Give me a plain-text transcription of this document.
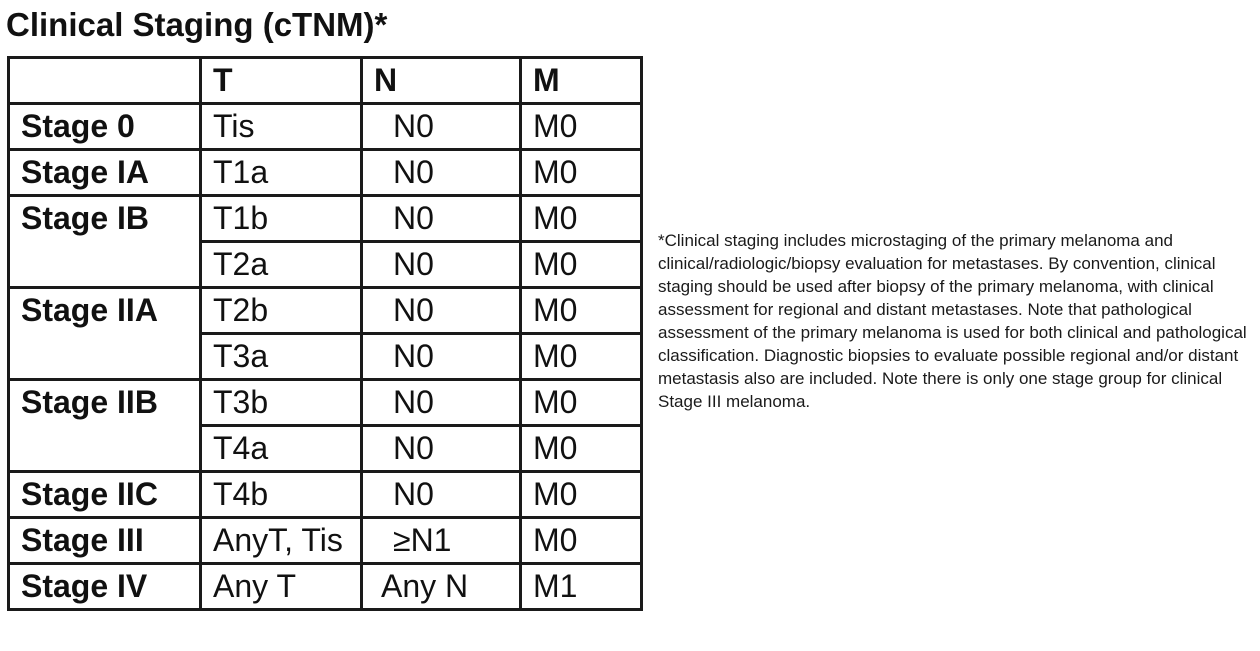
Clinical Staging (cTNM)*
	T	N	M
Stage 0	Tis	N0	M0
Stage IA	T1a	N0	M0
Stage IB	T1b	N0	M0
	T2a	N0	M0
Stage IIA	T2b	N0	M0
	T3a	N0	M0
Stage IIB	T3b	N0	M0
	T4a	N0	M0
Stage IIC	T4b	N0	M0
Stage III	AnyT, Tis	≥N1	M0
Stage IV	Any T	Any N	M1

*Clinical staging includes microstaging of the primary melanoma and clinical/radiologic/biopsy evaluation for metastases. By convention, clinical staging should be used after biopsy of the primary melanoma, with clinical assessment for regional and distant metastases. Note that pathological assessment of the primary melanoma is used for both clinical and pathological classification. Diagnostic biopsies to evaluate possible regional and/or distant metastasis also are included. Note there is only one stage group for clinical Stage III melanoma.
